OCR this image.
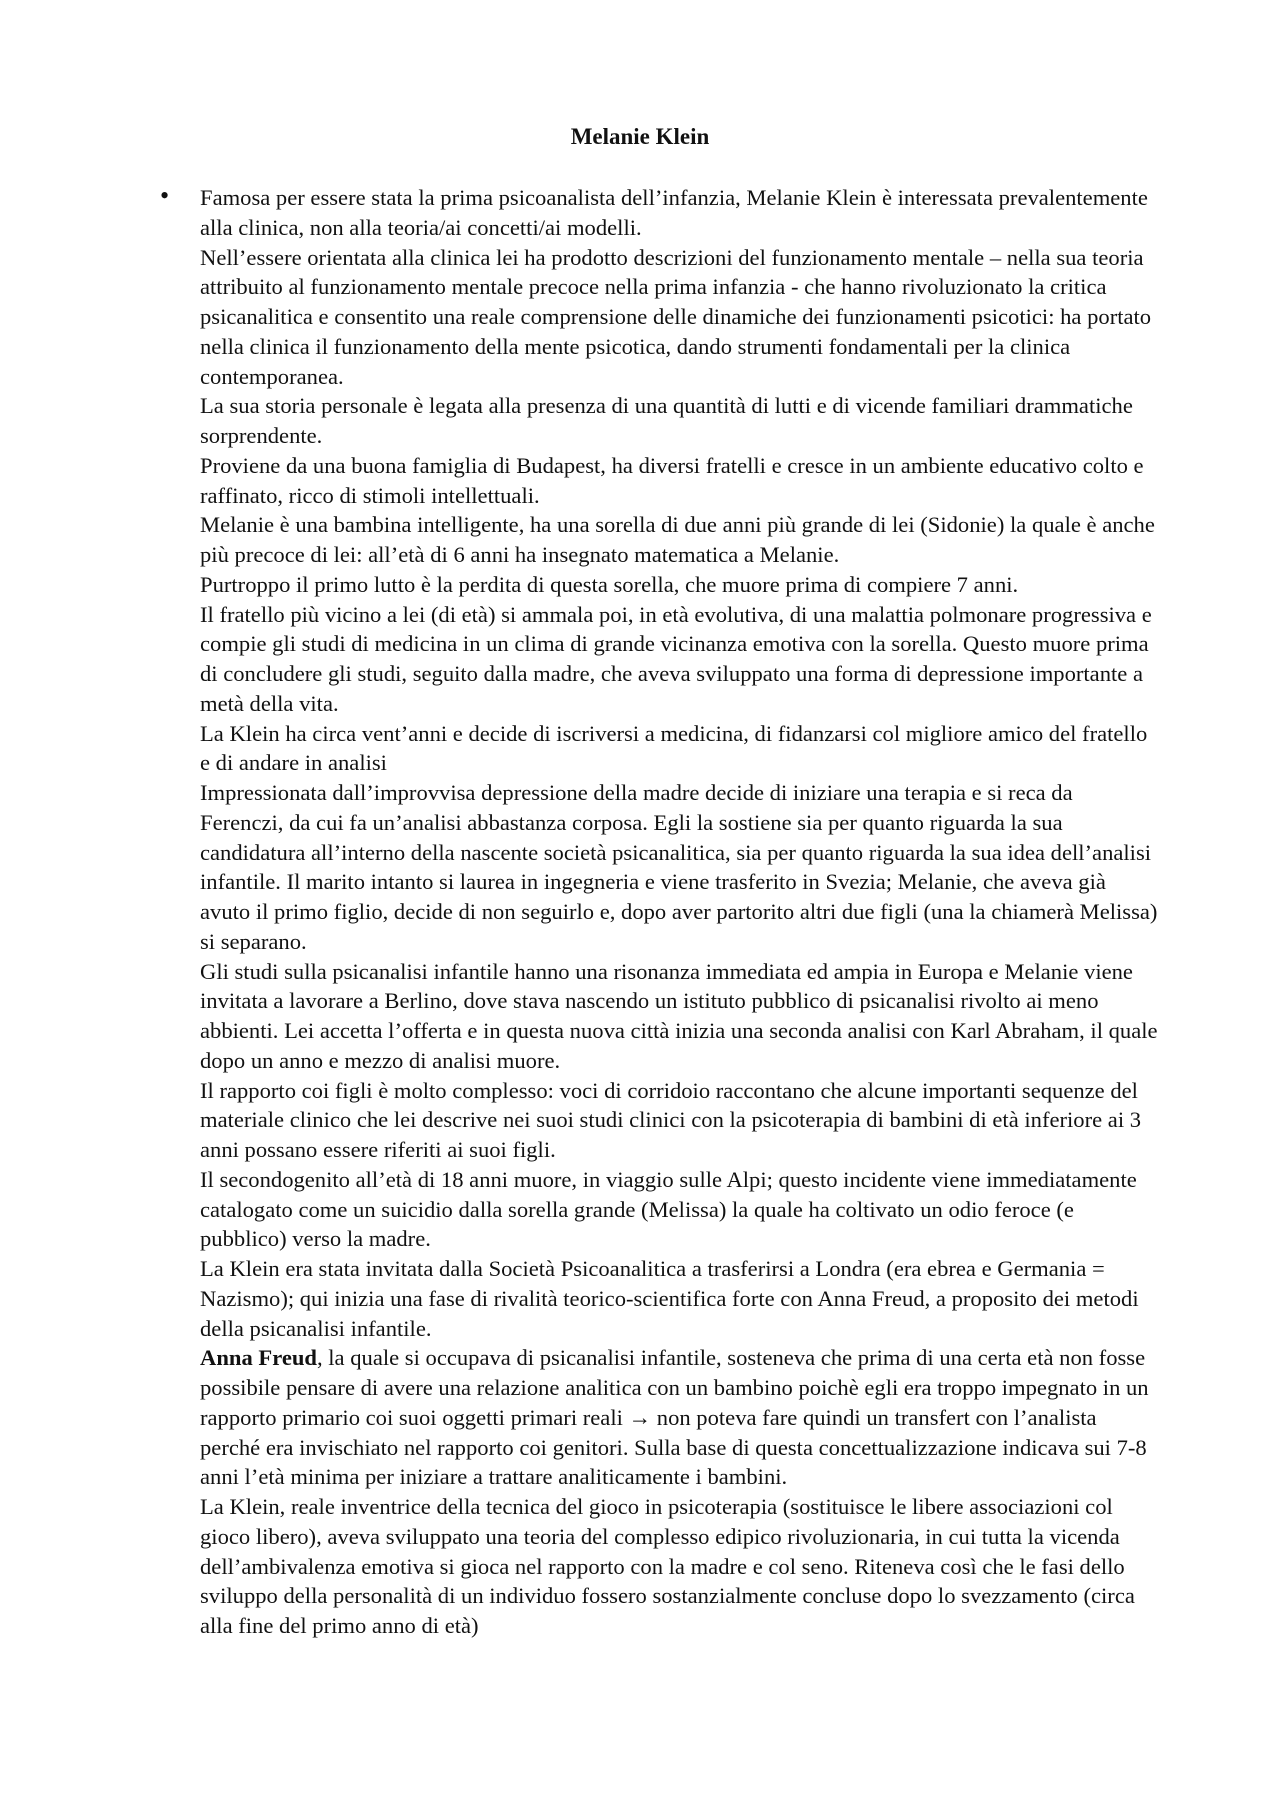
Melanie Klein
• Famosa per essere stata la prima psicoanalista dell’infanzia, Melanie Klein è interessata prevalentemente alla clinica, non alla teoria/ai concetti/ai modelli.

Nell’essere orientata alla clinica lei ha prodotto descrizioni del funzionamento mentale – nella sua teoria attribuito al funzionamento mentale precoce nella prima infanzia - che hanno rivoluzionato la critica psicanalitica e consentito una reale comprensione delle dinamiche dei funzionamenti psicotici: ha portato nella clinica il funzionamento della mente psicotica, dando strumenti fondamentali per la clinica contemporanea.

La sua storia personale è legata alla presenza di una quantità di lutti e di vicende familiari drammatiche sorprendente.

Proviene da una buona famiglia di Budapest, ha diversi fratelli e cresce in un ambiente educativo colto e raffinato, ricco di stimoli intellettuali.

Melanie è una bambina intelligente, ha una sorella di due anni più grande di lei (Sidonie) la quale è anche più precoce di lei: all’età di 6 anni ha insegnato matematica a Melanie.

Purtroppo il primo lutto è la perdita di questa sorella, che muore prima di compiere 7 anni.

Il fratello più vicino a lei (di età) si ammala poi, in età evolutiva, di una malattia polmonare progressiva e compie gli studi di medicina in un clima di grande vicinanza emotiva con la sorella. Questo muore prima di concludere gli studi, seguito dalla madre, che aveva sviluppato una forma di depressione importante a metà della vita.

La Klein ha circa vent’anni e decide di iscriversi a medicina, di fidanzarsi col migliore amico del fratello e di andare in analisi

Impressionata dall’improvvisa depressione della madre decide di iniziare una terapia e si reca da Ferenczi, da cui fa un’analisi abbastanza corposa. Egli la sostiene sia per quanto riguarda la sua candidatura all’interno della nascente società psicanalitica, sia per quanto riguarda la sua idea dell’analisi infantile. Il marito intanto si laurea in ingegneria e viene trasferito in Svezia; Melanie, che aveva già avuto il primo figlio, decide di non seguirlo e, dopo aver partorito altri due figli (una la chiamerà Melissa) si separano.

Gli studi sulla psicanalisi infantile hanno una risonanza immediata ed ampia in Europa e Melanie viene invitata a lavorare a Berlino, dove stava nascendo un istituto pubblico di psicanalisi rivolto ai meno abbienti. Lei accetta l’offerta e in questa nuova città inizia una seconda analisi con Karl Abraham, il quale dopo un anno e mezzo di analisi muore.

Il rapporto coi figli è molto complesso: voci di corridoio raccontano che alcune importanti sequenze del materiale clinico che lei descrive nei suoi studi clinici con la psicoterapia di bambini di età inferiore ai 3 anni possano essere riferiti ai suoi figli.

Il secondogenito all’età di 18 anni muore, in viaggio sulle Alpi; questo incidente viene immediatamente catalogato come un suicidio dalla sorella grande (Melissa) la quale ha coltivato un odio feroce (e pubblico) verso la madre.

La Klein era stata invitata dalla Società Psicoanalitica a trasferirsi a Londra (era ebrea e Germania = Nazismo); qui inizia una fase di rivalità teorico-scientifica forte con Anna Freud, a proposito dei metodi della psicanalisi infantile.

Anna Freud, la quale si occupava di psicanalisi infantile, sosteneva che prima di una certa età non fosse possibile pensare di avere una relazione analitica con un bambino poichè egli era troppo impegnato in un rapporto primario coi suoi oggetti primari reali → non poteva fare quindi un transfert con l’analista perché era invischiato nel rapporto coi genitori. Sulla base di questa concettualizzazione indicava sui 7-8 anni l’età minima per iniziare a trattare analiticamente i bambini.

La Klein, reale inventrice della tecnica del gioco in psicoterapia (sostituisce le libere associazioni col gioco libero), aveva sviluppato una teoria del complesso edipico rivoluzionaria, in cui tutta la vicenda dell’ambivalenza emotiva si gioca nel rapporto con la madre e col seno. Riteneva così che le fasi dello sviluppo della personalità di un individuo fossero sostanzialmente concluse dopo lo svezzamento (circa alla fine del primo anno di età)
